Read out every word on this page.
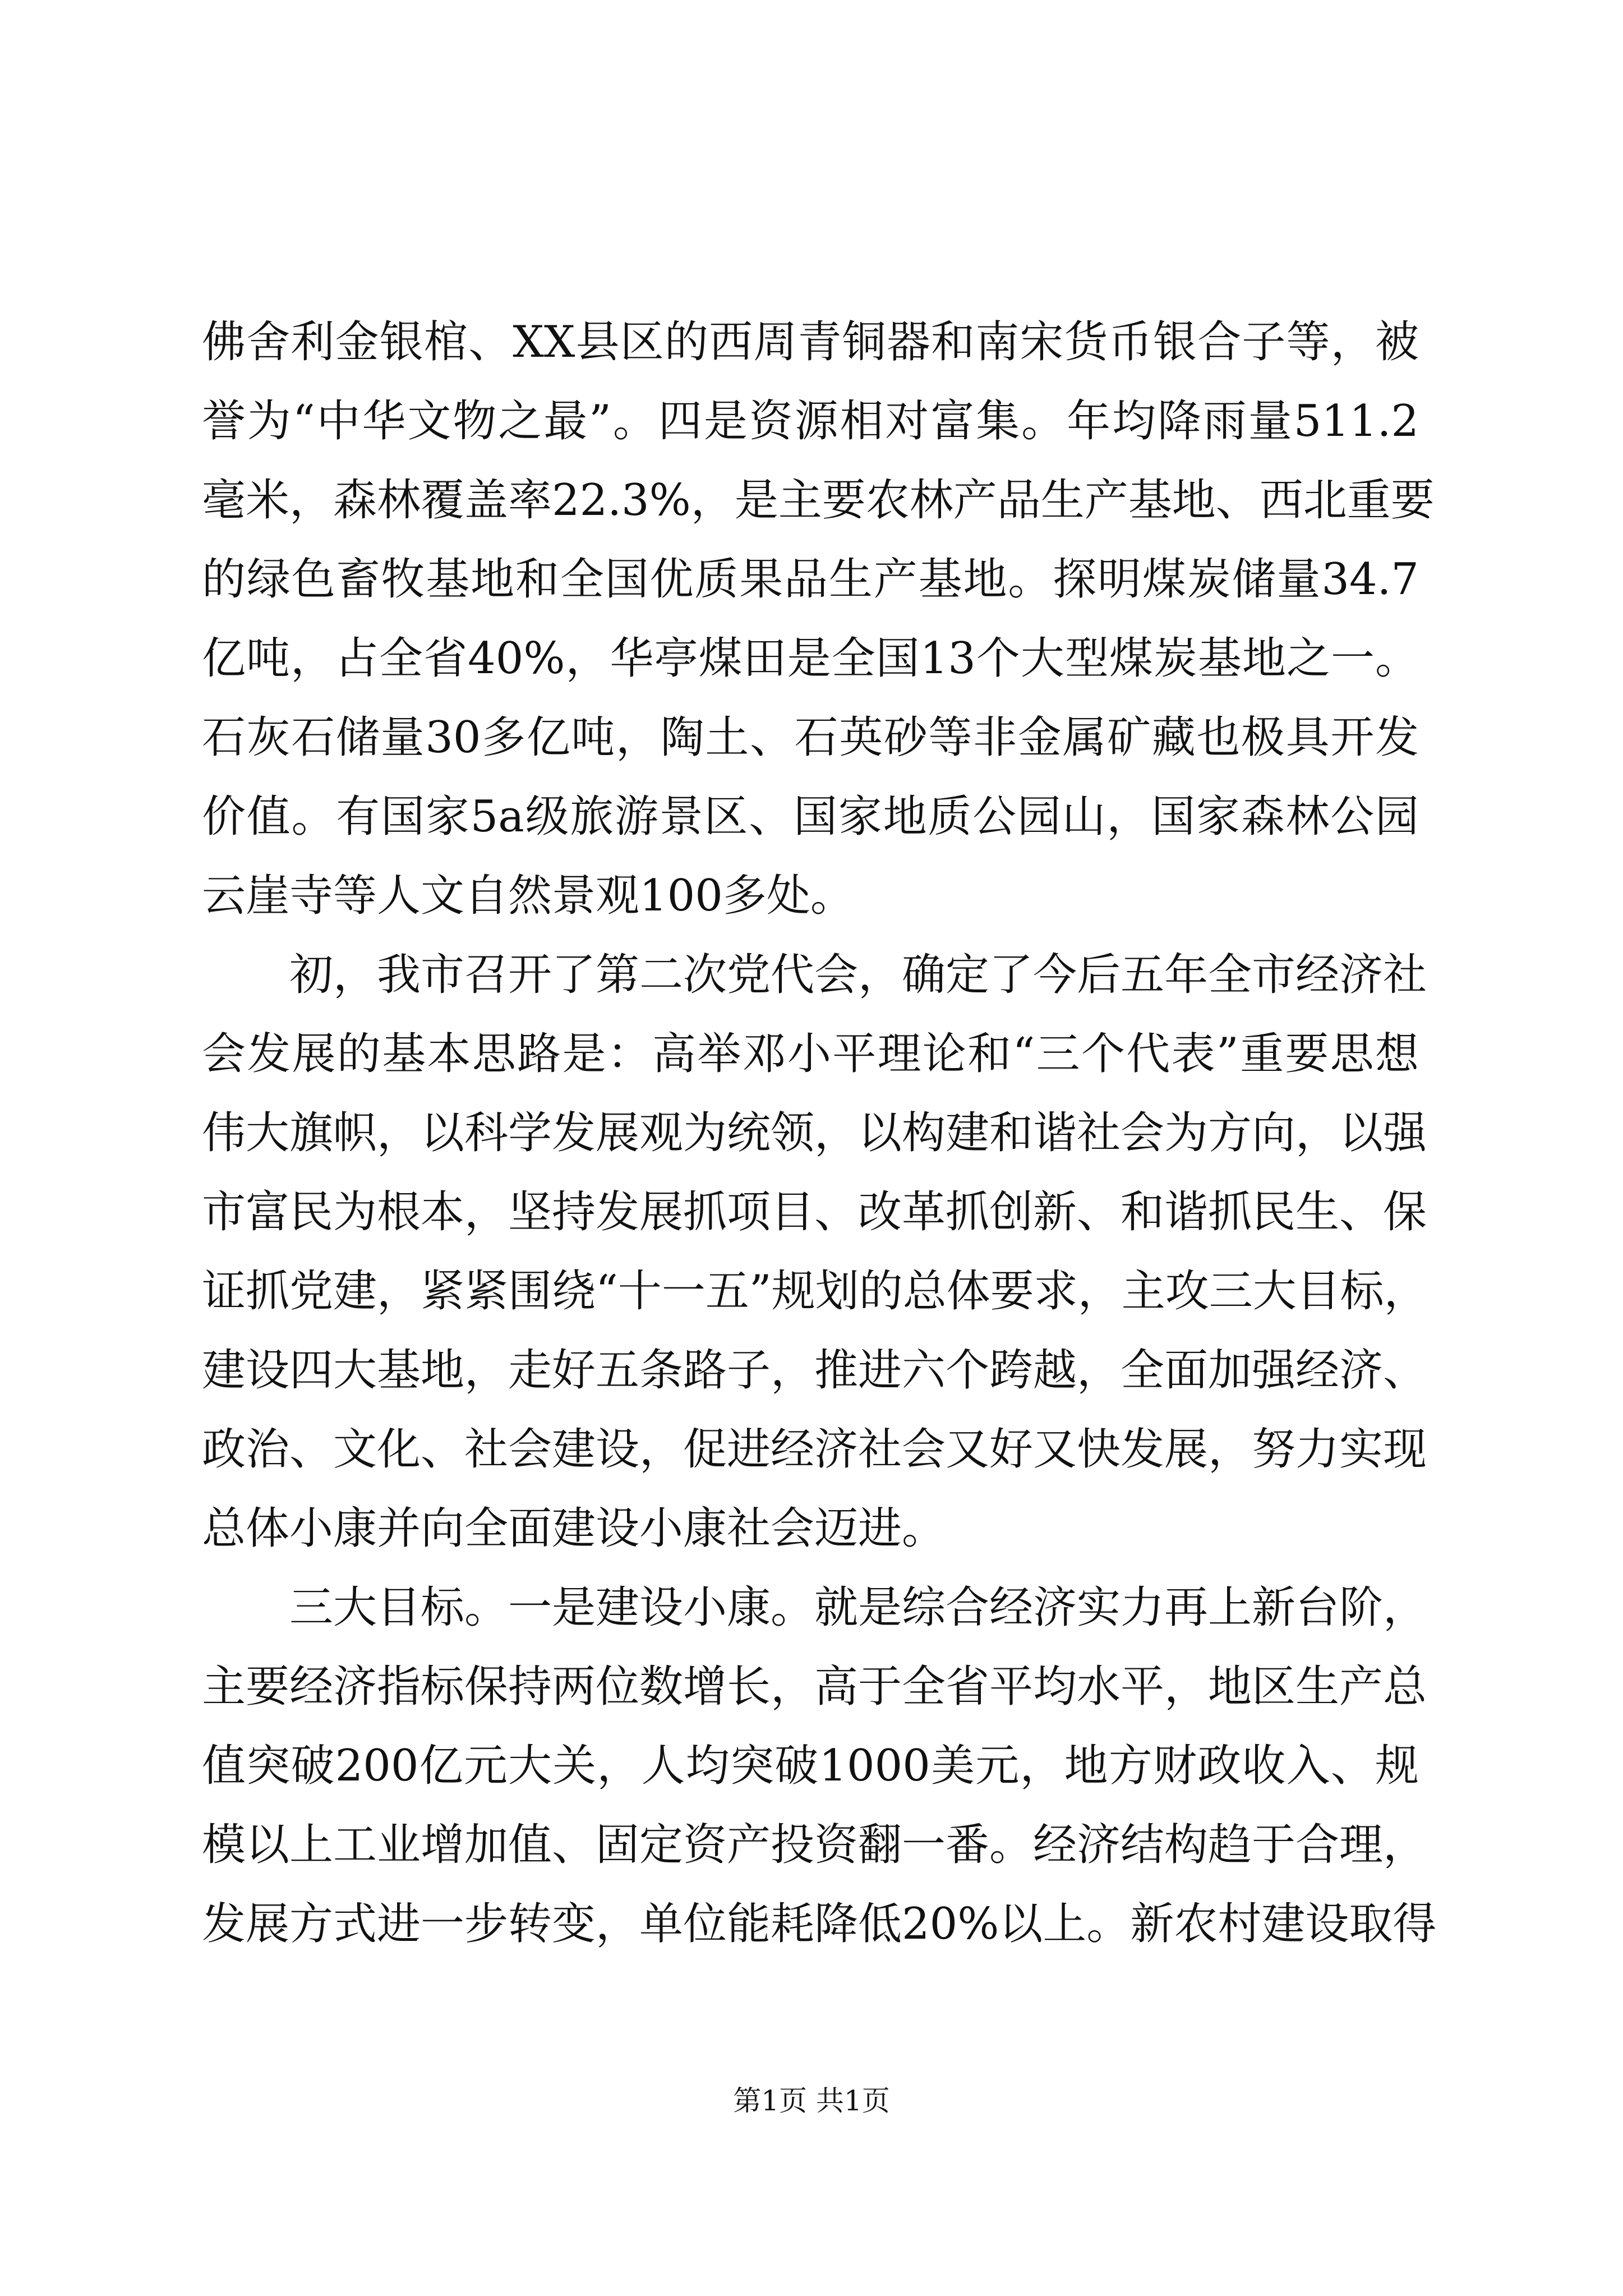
佛舍利金银棺、XX县区的西周青铜器和南宋货币银合子等，被
誉为“中华文物之最”。四是资源相对富集。年均降雨量511.2
毫米，森林覆盖率22.3%，是主要农林产品生产基地、西北重要
的绿色畜牧基地和全国优质果品生产基地。探明煤炭储量34.7
亿吨，占全省40%，华亭煤田是全国13个大型煤炭基地之一。
石灰石储量30多亿吨，陶土、石英砂等非金属矿藏也极具开发
价值。有国家5a级旅游景区、国家地质公园山，国家森林公园
云崖寺等人文自然景观100多处。
初，我市召开了第二次党代会，确定了今后五年全市经济社
会发展的基本思路是：高举邓小平理论和“三个代表”重要思想
伟大旗帜，以科学发展观为统领，以构建和谐社会为方向，以强
市富民为根本，坚持发展抓项目、改革抓创新、和谐抓民生、保
证抓党建，紧紧围绕“十一五”规划的总体要求，主攻三大目标，
建设四大基地，走好五条路子，推进六个跨越，全面加强经济、
政治、文化、社会建设，促进经济社会又好又快发展，努力实现
总体小康并向全面建设小康社会迈进。
三大目标。一是建设小康。就是综合经济实力再上新台阶，
主要经济指标保持两位数增长，高于全省平均水平，地区生产总
值突破200亿元大关，人均突破1000美元，地方财政收入、规
模以上工业增加值、固定资产投资翻一番。经济结构趋于合理，
发展方式进一步转变，单位能耗降低20%以上。新农村建设取得
第1页 共1页
